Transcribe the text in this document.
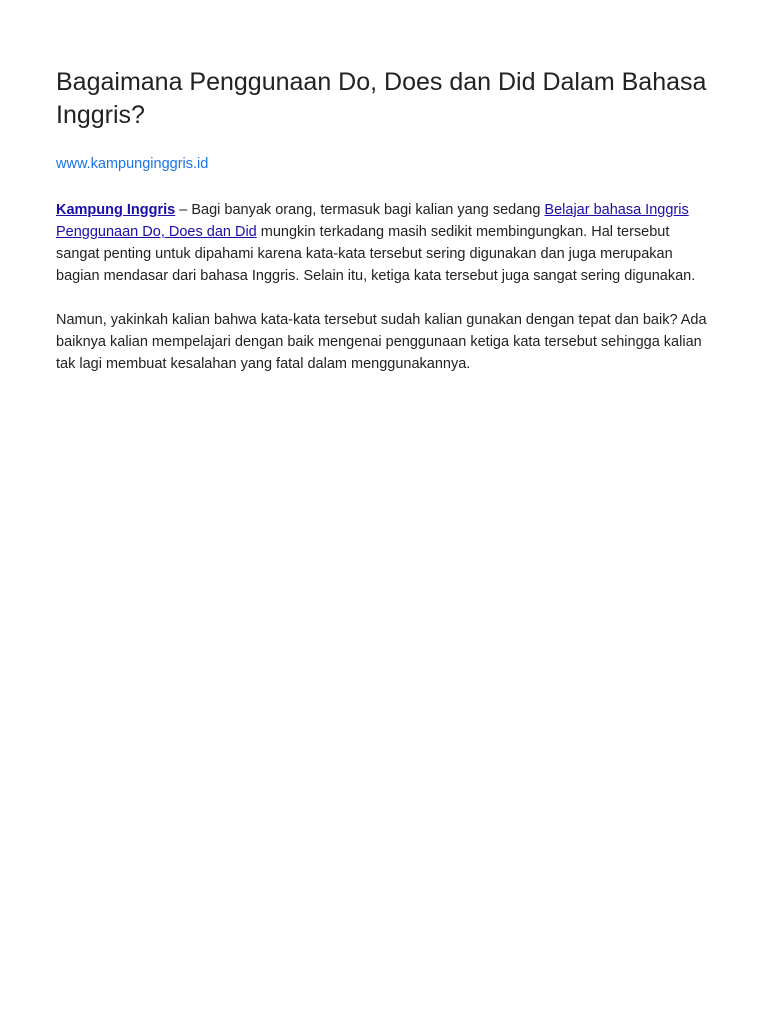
Bagaimana Penggunaan Do, Does dan Did Dalam Bahasa Inggris?
www.kampunginggris.id

Kampung Inggris – Bagi banyak orang, termasuk bagi kalian yang sedang Belajar bahasa Inggris Penggunaan Do, Does dan Did mungkin terkadang masih sedikit membingungkan. Hal tersebut sangat penting untuk dipahami karena kata-kata tersebut sering digunakan dan juga merupakan bagian mendasar dari bahasa Inggris. Selain itu, ketiga kata tersebut juga sangat sering digunakan.

Namun, yakinkah kalian bahwa kata-kata tersebut sudah kalian gunakan dengan tepat dan baik? Ada baiknya kalian mempelajari dengan baik mengenai penggunaan ketiga kata tersebut sehingga kalian tak lagi membuat kesalahan yang fatal dalam menggunakannya.
